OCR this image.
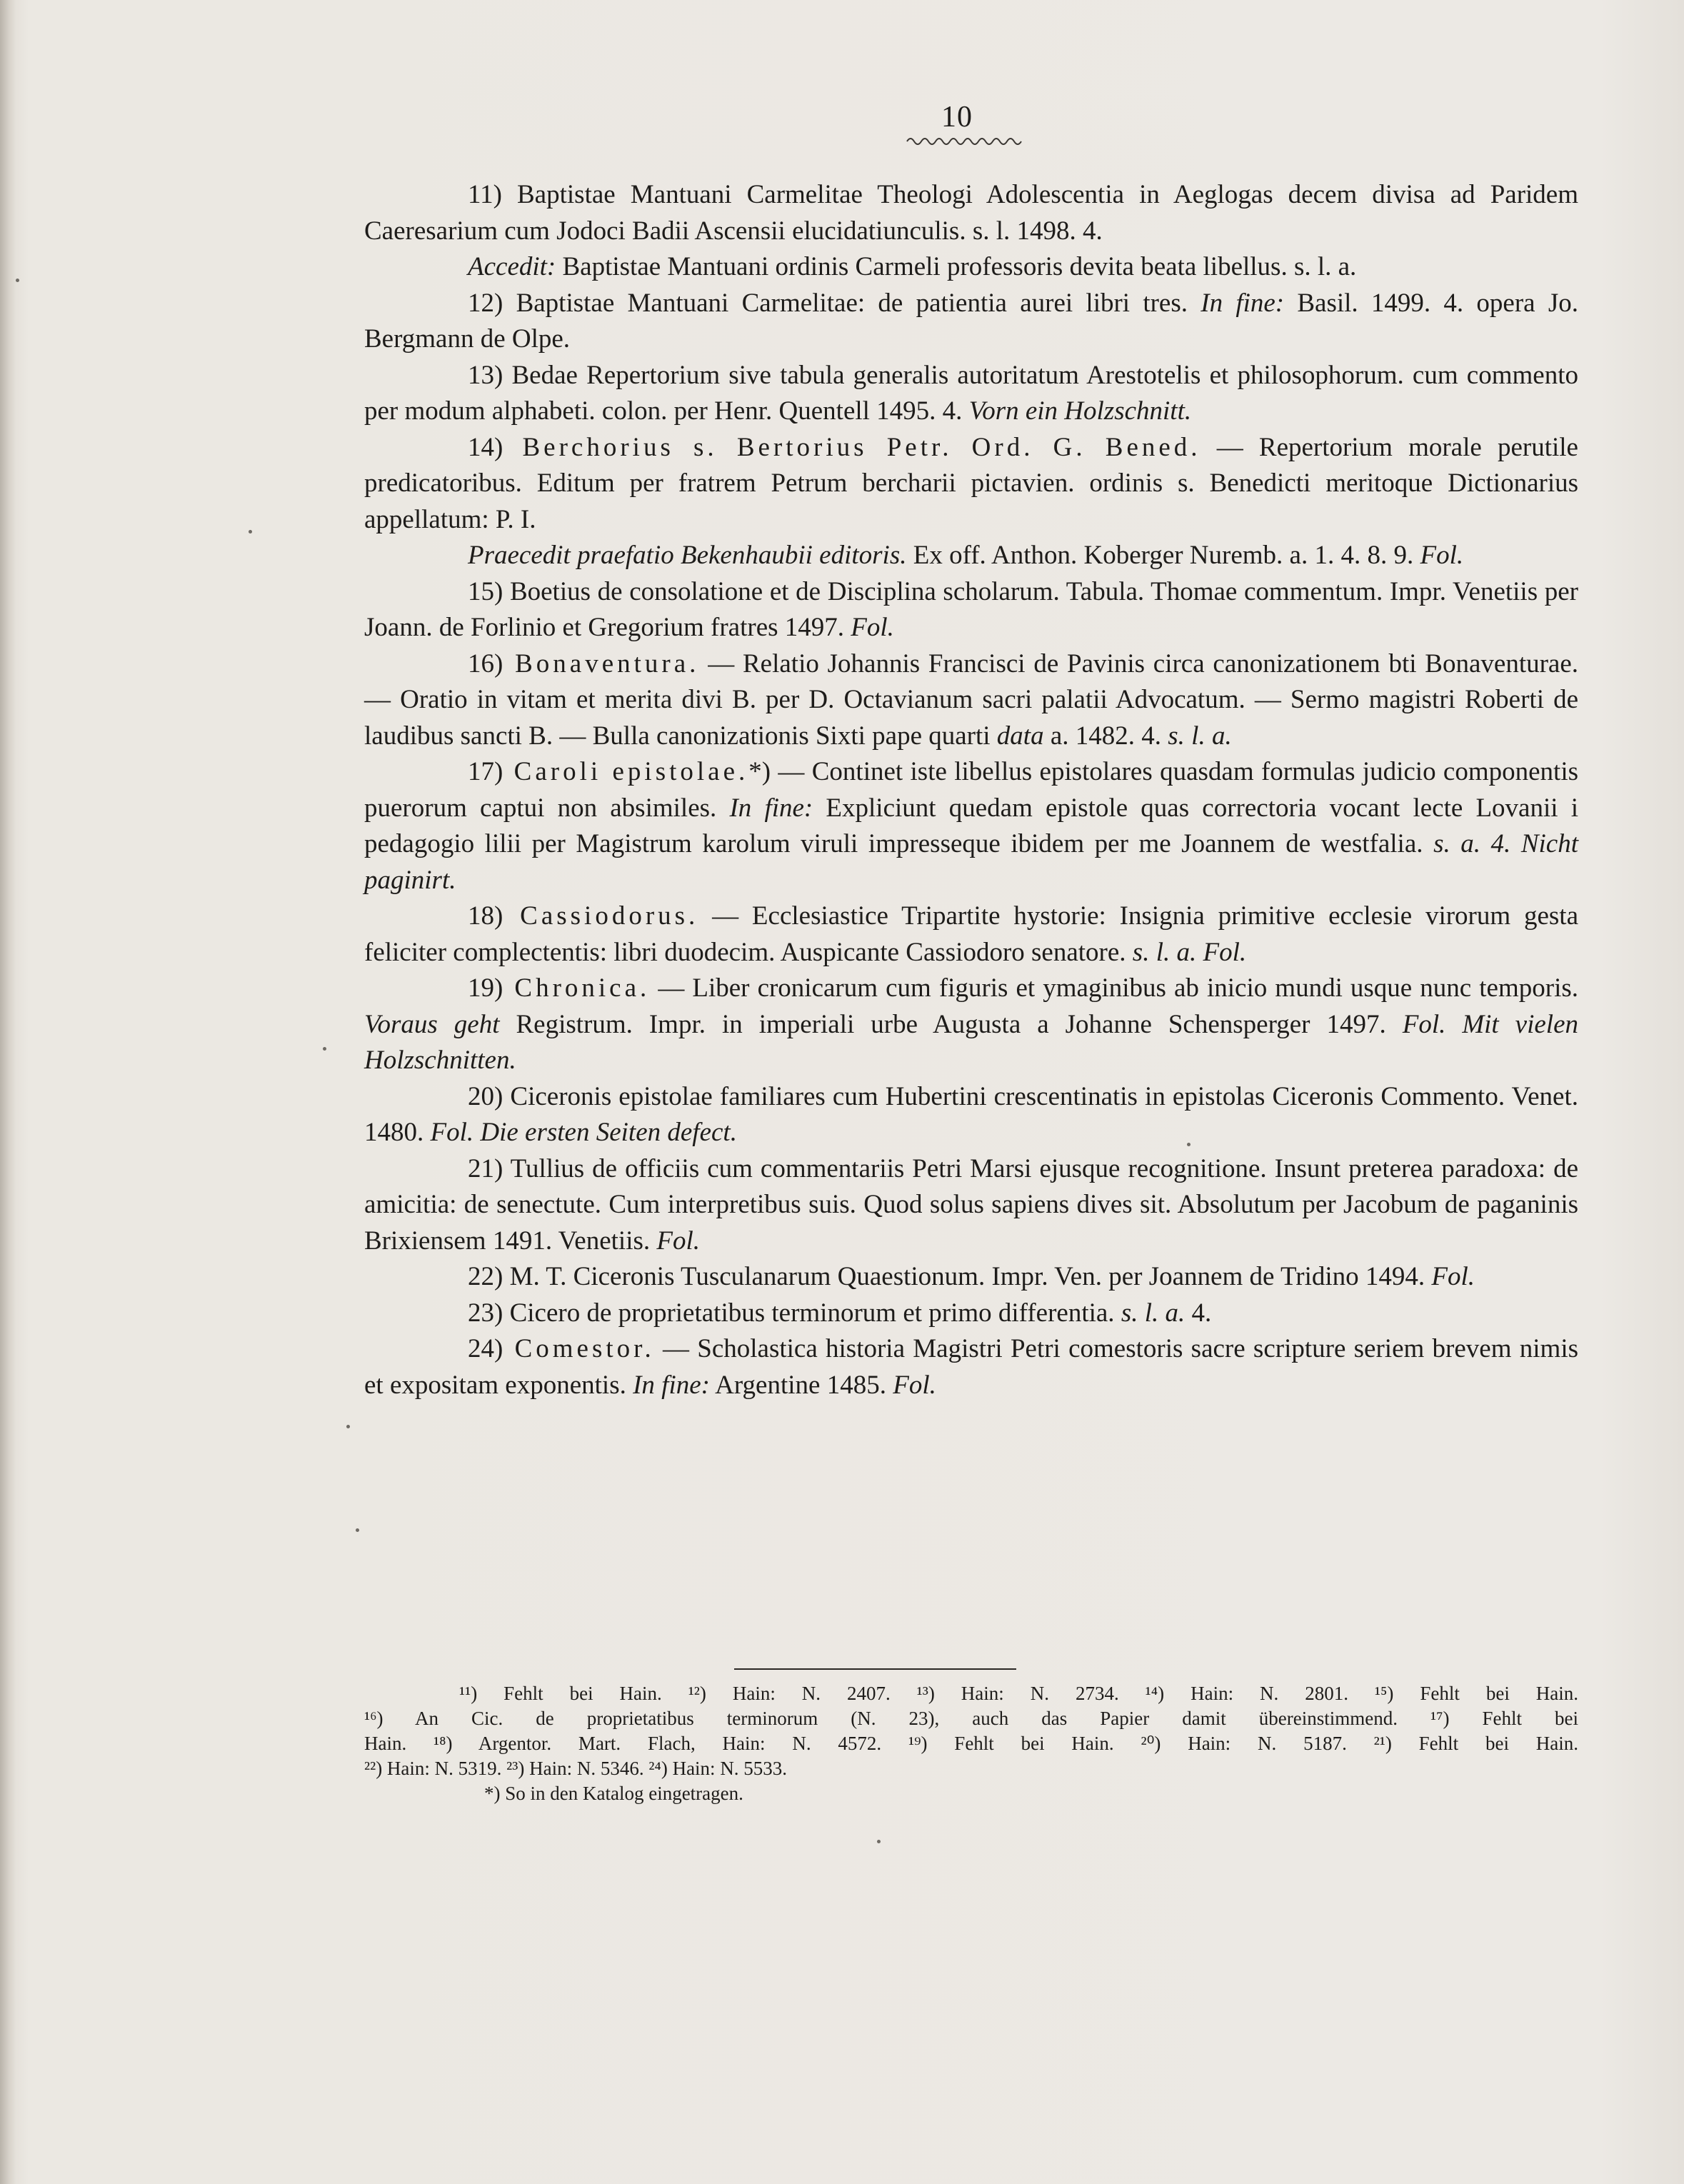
10

11) Baptistae Mantuani Carmelitae Theologi Adolescentia in Aeglogas decem divisa ad Paridem Caeresarium cum Jodoci Badii Ascensii elucidatiunculis. s. l. 1498. 4.

Accedit: Baptistae Mantuani ordinis Carmeli professoris devita beata libellus. s. l. a.

12) Baptistae Mantuani Carmelitae: de patientia aurei libri tres. In fine: Basil. 1499. 4. opera Jo. Bergmann de Olpe.

13) Bedae Repertorium sive tabula generalis autoritatum Arestotelis et philosophorum. cum commento per modum alphabeti. colon. per Henr. Quentell 1495. 4. Vorn ein Holzschnitt.

14) Berchorius s. Bertorius Petr. Ord. G. Bened. — Repertorium morale perutile predicatoribus. Editum per fratrem Petrum bercharii pictavien. ordinis s. Benedicti meritoque Dictionarius appellatum: P. I.

Praecedit praefatio Bekenhaubii editoris. Ex off. Anthon. Koberger Nuremb. a. 1. 4. 8. 9. Fol.

15) Boetius de consolatione et de Disciplina scholarum. Tabula. Thomae commentum. Impr. Venetiis per Joann. de Forlinio et Gregorium fratres 1497. Fol.

16) Bonaventura. — Relatio Johannis Francisci de Pavinis circa canonizationem bti Bonaventurae. — Oratio in vitam et merita divi B. per D. Octavianum sacri palatii Advocatum. — Sermo magistri Roberti de laudibus sancti B. — Bulla canonizationis Sixti pape quarti data a. 1482. 4. s. l. a.

17) Caroli epistolae.*) — Continet iste libellus epistolares quasdam formulas judicio componentis puerorum captui non absimiles. In fine: Expliciunt quedam epistole quas correctoria vocant lecte Lovanii i pedagogio lilii per Magistrum karolum viruli impresseque ibidem per me Joannem de westfalia. s. a. 4. Nicht paginirt.

18) Cassiodorus. — Ecclesiastice Tripartite hystorie: Insignia primitive ecclesie virorum gesta feliciter complectentis: libri duodecim. Auspicante Cassiodoro senatore. s. l. a. Fol.

19) Chronica. — Liber cronicarum cum figuris et ymaginibus ab inicio mundi usque nunc temporis. Voraus geht Registrum. Impr. in imperiali urbe Augusta a Johanne Schensperger 1497. Fol. Mit vielen Holzschnitten.

20) Ciceronis epistolae familiares cum Hubertini crescentinatis in epistolas Ciceronis Commento. Venet. 1480. Fol. Die ersten Seiten defect.

21) Tullius de officiis cum commentariis Petri Marsi ejusque recognitione. Insunt preterea paradoxa: de amicitia: de senectute. Cum interpretibus suis. Quod solus sapiens dives sit. Absolutum per Jacobum de paganinis Brixiensem 1491. Venetiis. Fol.

22) M. T. Ciceronis Tusculanarum Quaestionum. Impr. Ven. per Joannem de Tridino 1494. Fol.

23) Cicero de proprietatibus terminorum et primo differentia. s. l. a. 4.

24) Comestor. — Scholastica historia Magistri Petri comestoris sacre scripture seriem brevem nimis et expositam exponentis. In fine: Argentine 1485. Fol.

¹¹) Fehlt bei Hain. ¹²) Hain: N. 2407. ¹³) Hain: N. 2734. ¹⁴) Hain: N. 2801. ¹⁵) Fehlt bei Hain.

¹⁶) An Cic. de proprietatibus terminorum (N. 23), auch das Papier damit übereinstimmend. ¹⁷) Fehlt bei

Hain. ¹⁸) Argentor. Mart. Flach, Hain: N. 4572. ¹⁹) Fehlt bei Hain. ²⁰) Hain: N. 5187. ²¹) Fehlt bei Hain.

²²) Hain: N. 5319. ²³) Hain: N. 5346. ²⁴) Hain: N. 5533.

*) So in den Katalog eingetragen.
